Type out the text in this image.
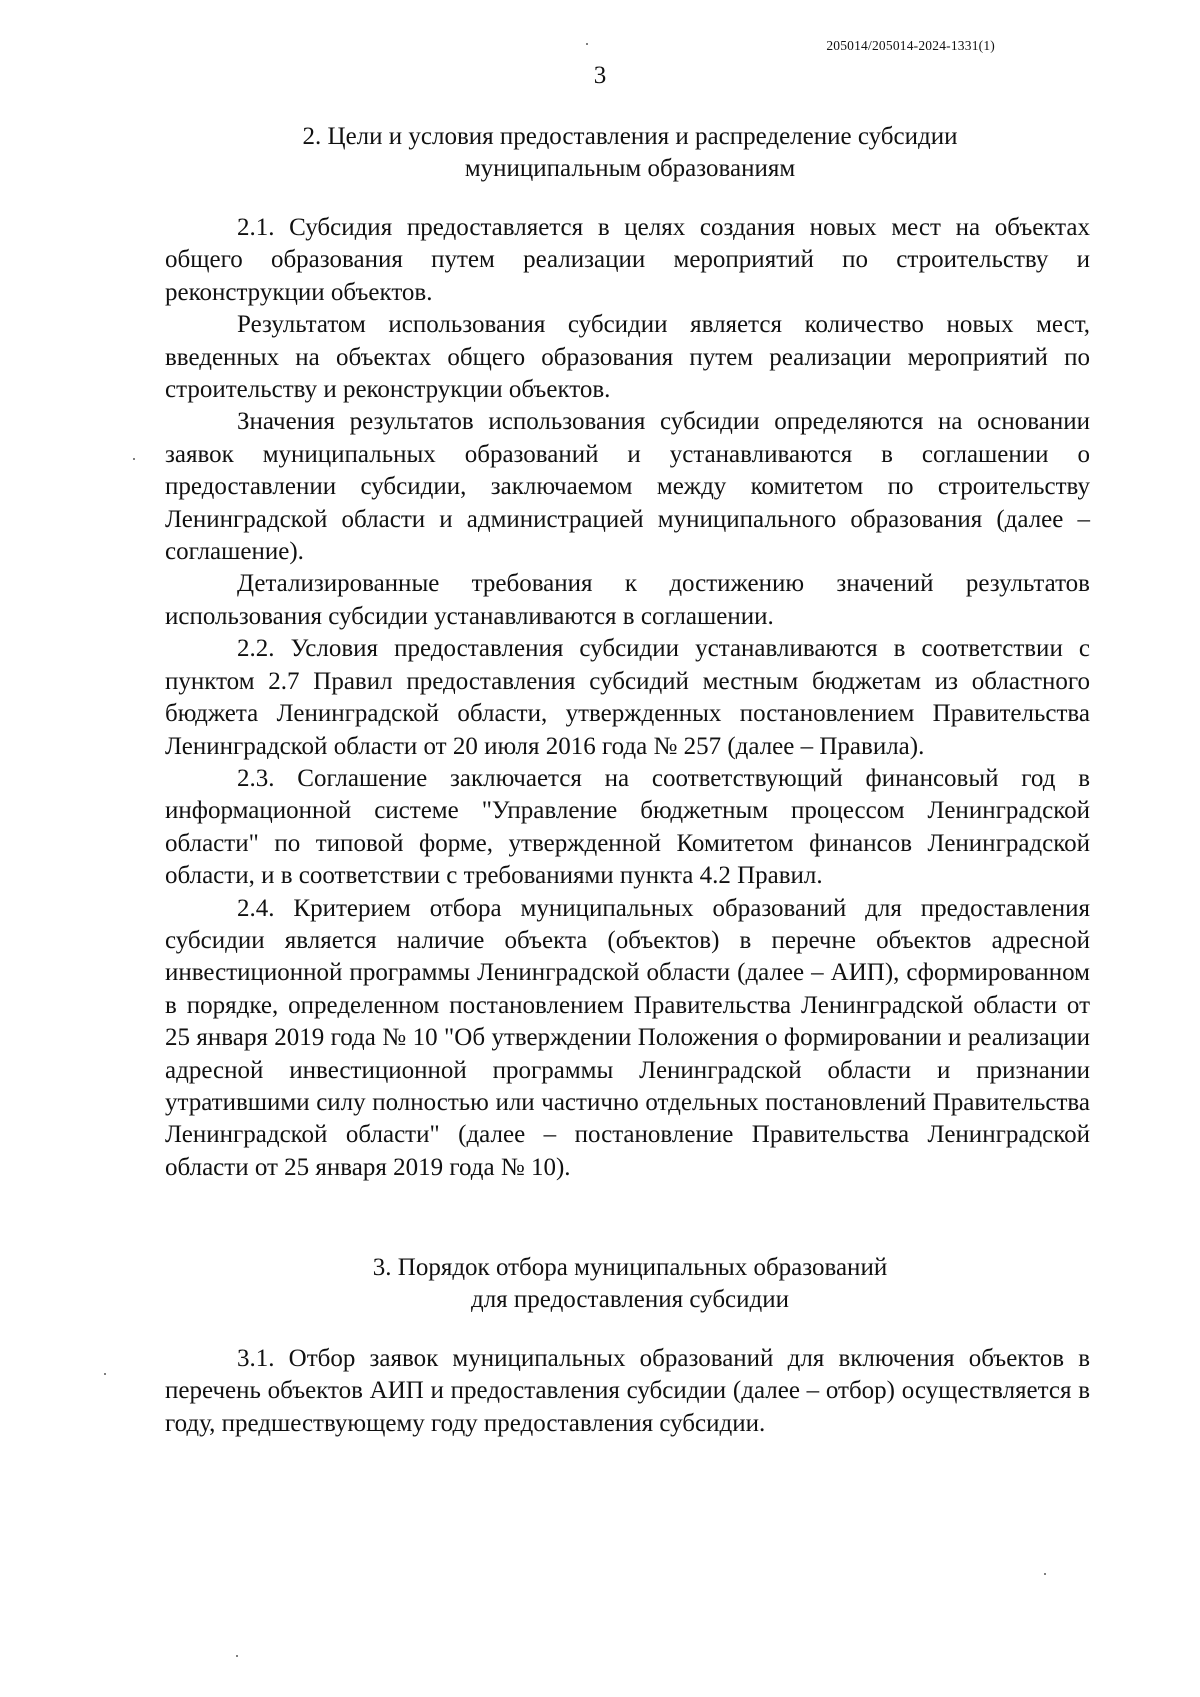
205014/205014-2024-1331(1)
3
2. Цели и условия предоставления и распределение субсидии
муниципальным образованиям

2.1. Субсидия предоставляется в целях создания новых мест на объектах общего образования путем реализации мероприятий по строительству и реконструкции объектов.

Результатом использования субсидии является количество новых мест, введенных на объектах общего образования путем реализации мероприятий по строительству и реконструкции объектов.

Значения результатов использования субсидии определяются на основании заявок муниципальных образований и устанавливаются в соглашении о предоставлении субсидии, заключаемом между комитетом по строительству Ленинградской области и администрацией муниципального образования (далее – соглашение).

Детализированные требования к достижению значений результатов использования субсидии устанавливаются в соглашении.

2.2. Условия предоставления субсидии устанавливаются в соответствии с пунктом 2.7 Правил предоставления субсидий местным бюджетам из областного бюджета Ленинградской области, утвержденных постановлением Правительства Ленинградской области от 20 июля 2016 года № 257 (далее – Правила).

2.3. Соглашение заключается на соответствующий финансовый год в информационной системе "Управление бюджетным процессом Ленинградской области" по типовой форме, утвержденной Комитетом финансов Ленинградской области, и в соответствии с требованиями пункта 4.2 Правил.

2.4. Критерием отбора муниципальных образований для предоставления субсидии является наличие объекта (объектов) в перечне объектов адресной инвестиционной программы Ленинградской области (далее – АИП), сформированном в порядке, определенном постановлением Правительства Ленинградской области от 25 января 2019 года № 10 "Об утверждении Положения о формировании и реализации адресной инвестиционной программы Ленинградской области и признании утратившими силу полностью или частично отдельных постановлений Правительства Ленинградской области" (далее – постановление Правительства Ленинградской области от 25 января 2019 года № 10).

3. Порядок отбора муниципальных образований
для предоставления субсидии

3.1. Отбор заявок муниципальных образований для включения объектов в перечень объектов АИП и предоставления субсидии (далее – отбор) осуществляется в году, предшествующему году предоставления субсидии.
